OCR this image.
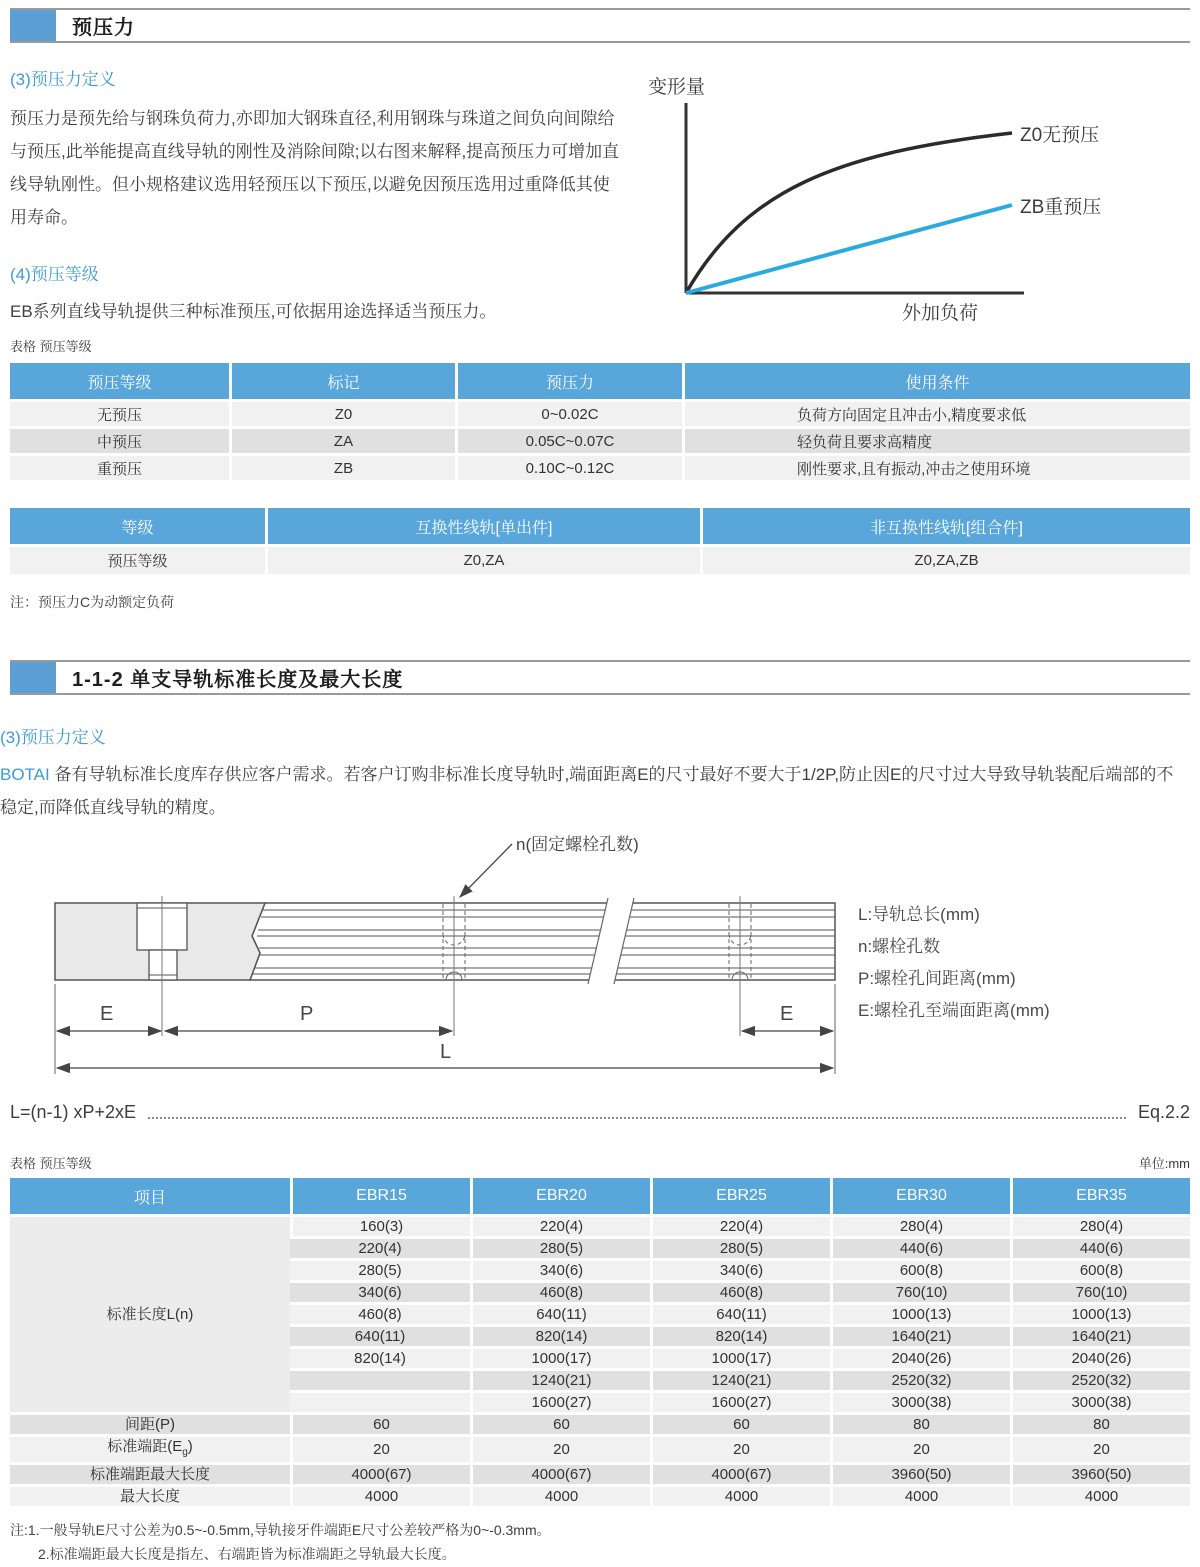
预压力
(3)预压力定义

预压力是预先给与钢珠负荷力,亦即加大钢珠直径,利用钢珠与珠道之间负向间隙给与预压,此举能提高直线导轨的刚性及消除间隙;以右图来解释,提高预压力可增加直线导轨刚性。但小规格建议选用轻预压以下预压,以避免因预压选用过重降低其使用寿命。

(4)预压等级

EB系列直线导轨提供三种标准预压,可依据用途选择适当预压力。

变形量
外加负荷
Z0无预压
ZB重预压
表格 预压等级
预压等级	标记	预压力	使用条件
无预压	Z0	0~0.02C	负荷方向固定且冲击小,精度要求低
中预压	ZA	0.05C~0.07C	轻负荷且要求高精度
重预压	ZB	0.10C~0.12C	刚性要求,且有振动,冲击之使用环境
等级	互换性线轨[单出件]	非互换性线轨[组合件]
预压等级	Z0,ZA	Z0,ZA,ZB
注：预压力C为动额定负荷
1-1-2 单支导轨标准长度及最大长度
(3)预压力定义

BOTAI 备有导轨标准长度库存供应客户需求。若客户订购非标准长度导轨时,端面距离E的尺寸最好不要大于1/2P,防止因E的尺寸过大导致导轨装配后端部的不稳定,而降低直线导轨的精度。

n(固定螺栓孔数)
E	P	E
L
L:导轨总长(mm)
n:螺栓孔数
P:螺栓孔间距离(mm)
E:螺栓孔至端面距离(mm)
L=(n-1) xP+2xE	Eq.2.2
表格 预压等级	单位:mm
项目	EBR15	EBR20	EBR25	EBR30	EBR35
标准长度L(n)	160(3)	220(4)	220(4)	280(4)	280(4)
	220(4)	280(5)	280(5)	440(6)	440(6)
	280(5)	340(6)	340(6)	600(8)	600(8)
	340(6)	460(8)	460(8)	760(10)	760(10)
	460(8)	640(11)	640(11)	1000(13)	1000(13)
	640(11)	820(14)	820(14)	1640(21)	1640(21)
	820(14)	1000(17)	1000(17)	2040(26)	2040(26)
		1240(21)	1240(21)	2520(32)	2520(32)
		1600(27)	1600(27)	3000(38)	3000(38)
间距(P)	60	60	60	80	80
标准端距$(E_g)$	20	20	20	20	20
标准端距最大长度	4000(67)	4000(67)	4000(67)	3960(50)	3960(50)
最大长度	4000	4000	4000	4000	4000
注:1.一般导轨E尺寸公差为0.5~-0.5mm,导轨接牙件端距E尺寸公差较严格为0~-0.3mm。
2.标准端距最大长度是指左、右端距皆为标准端距之导轨最大长度。
